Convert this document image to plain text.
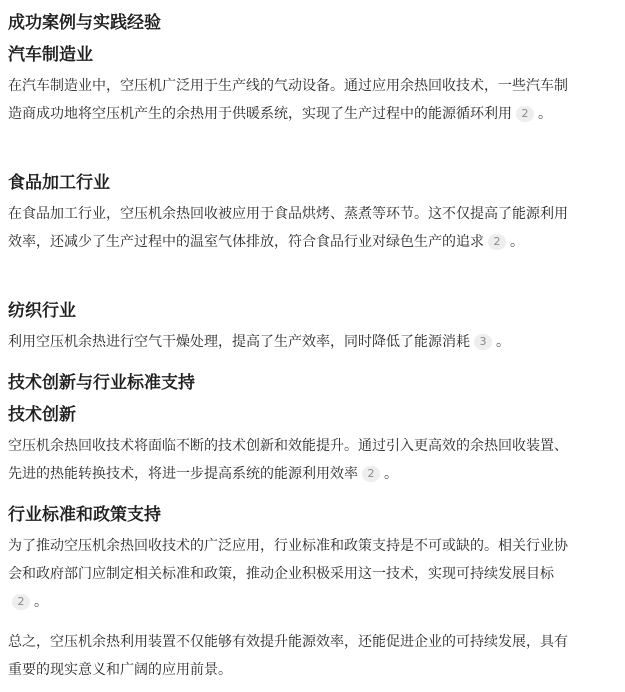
成功案例与实践经验
汽车制造业

在汽车制造业中，空压机广泛用于生产线的气动设备。通过应用余热回收技术，一些汽车制造商成功地将空压机产生的余热用于供暖系统，实现了生产过程中的能源循环利用 2 。

食品加工行业

在食品加工行业，空压机余热回收被应用于食品烘烤、蒸煮等环节。这不仅提高了能源利用效率，还减少了生产过程中的温室气体排放，符合食品行业对绿色生产的追求 2 。

纺织行业

利用空压机余热进行空气干燥处理，提高了生产效率，同时降低了能源消耗 3 。

技术创新与行业标准支持
技术创新

空压机余热回收技术将面临不断的技术创新和效能提升。通过引入更高效的余热回收装置、先进的热能转换技术，将进一步提高系统的能源利用效率 2 。

行业标准和政策支持

为了推动空压机余热回收技术的广泛应用，行业标准和政策支持是不可或缺的。相关行业协会和政府部门应制定相关标准和政策，推动企业积极采用这一技术，实现可持续发展目标2 。

总之，空压机余热利用装置不仅能够有效提升能源效率，还能促进企业的可持续发展，具有重要的现实意义和广阔的应用前景。
